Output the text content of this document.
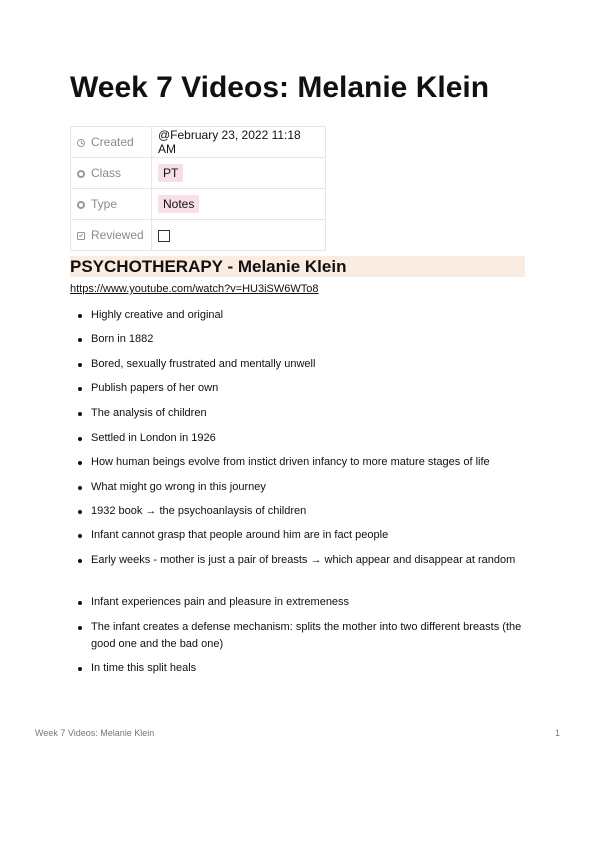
Week 7 Videos: Melanie Klein
Created	@February 23, 2022 11:18 AM
Class	PT
Type	Notes
Reviewed	
PSYCHOTHERAPY - Melanie Klein
https://www.youtube.com/watch?v=HU3iSW6WTo8
Highly creative and original
Born in 1882
Bored, sexually frustrated and mentally unwell
Publish papers of her own
The analysis of children
Settled in London in 1926
How human beings evolve from instict driven infancy to more mature stages of life
What might go wrong in this journey
1932 book → the psychoanlaysis of children
Infant cannot grasp that people around him are in fact people
Early weeks - mother is just a pair of breasts → which appear and disappear at random
Infant experiences pain and pleasure in extremeness
The infant creates a defense mechanism: splits the mother into two different breasts (the good one and the bad one)
In time this split heals
Week 7 Videos: Melanie Klein	1
